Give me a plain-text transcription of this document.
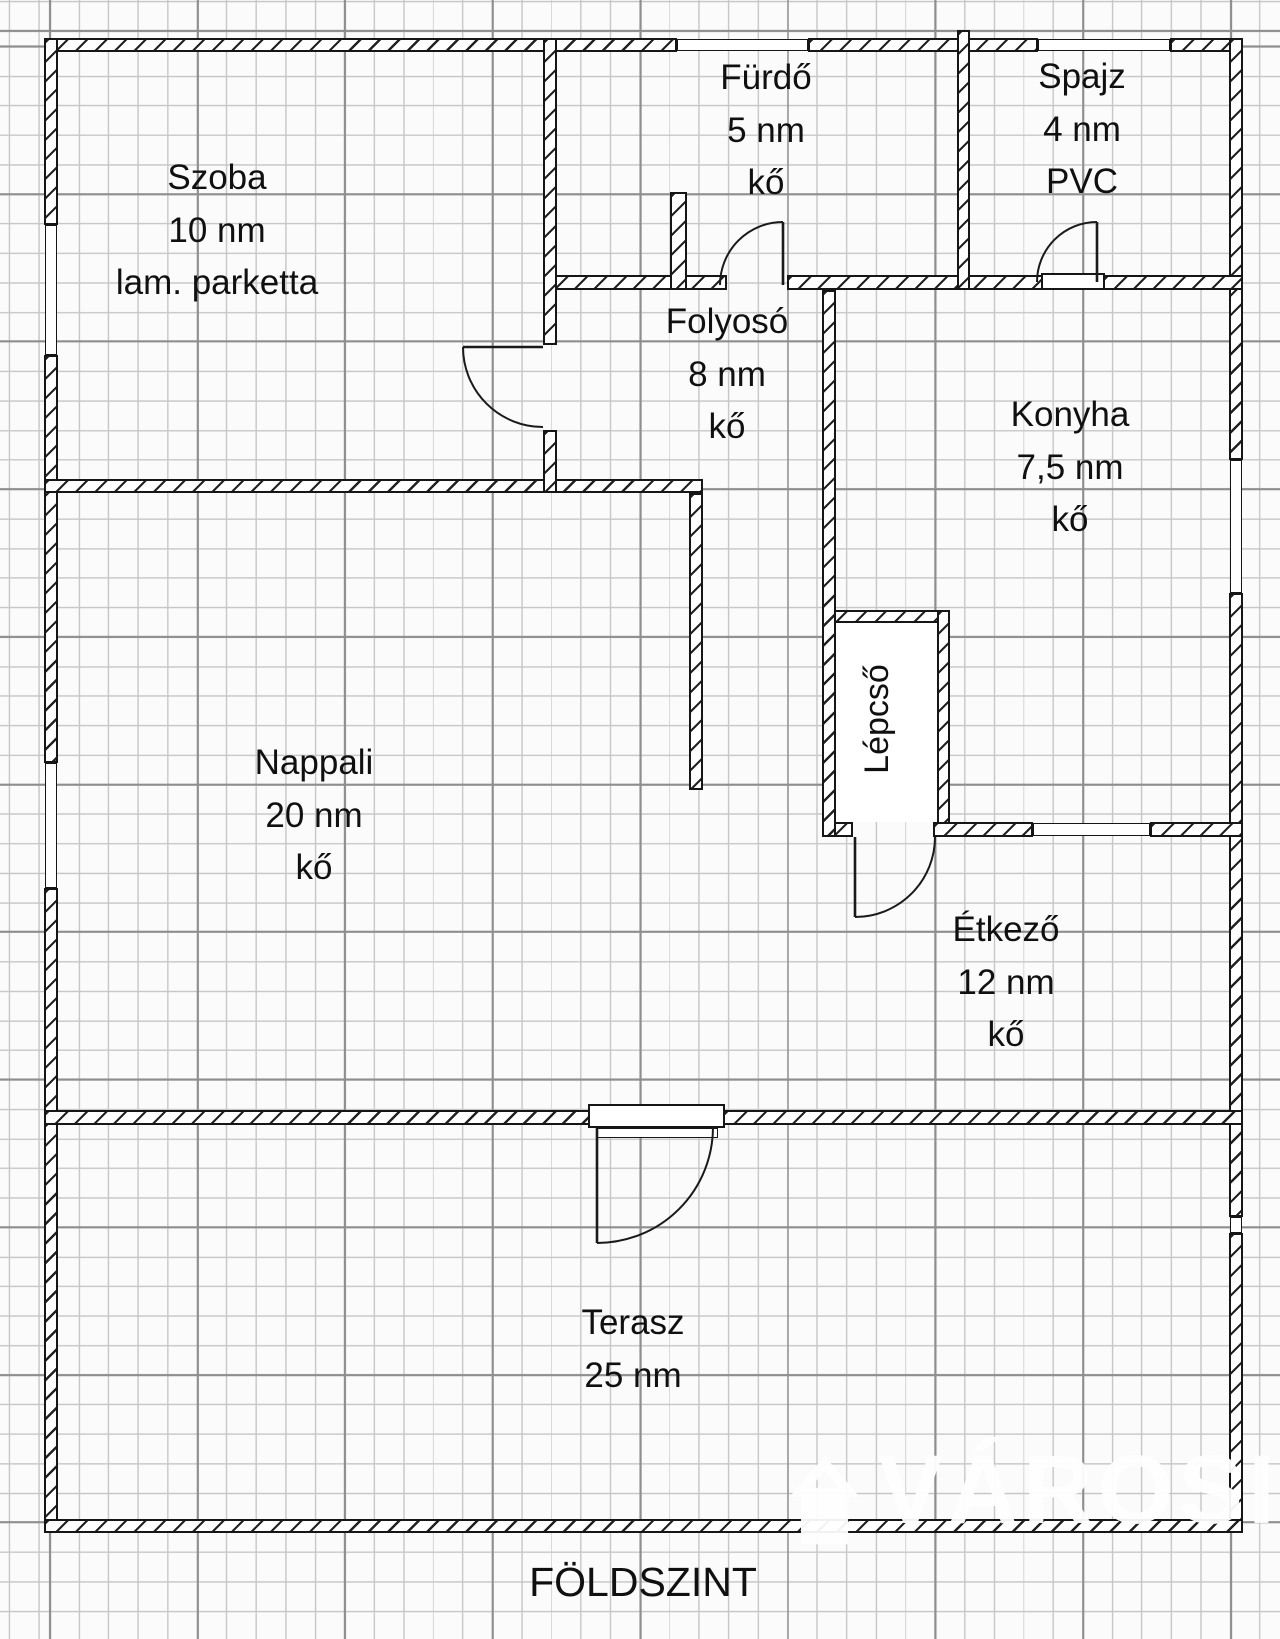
Szoba
10 nm
lam. parketta
Fürdő
5 nm
kő
Spajz
4 nm
PVC
Folyosó
8 nm
kő	Konyha
7,5 nm
kő
Nappali
20 nm
kő
Étkező
12 nm
kő
Terasz
25 nm
Lépcső
FÖLDSZINT
VÁROSI
